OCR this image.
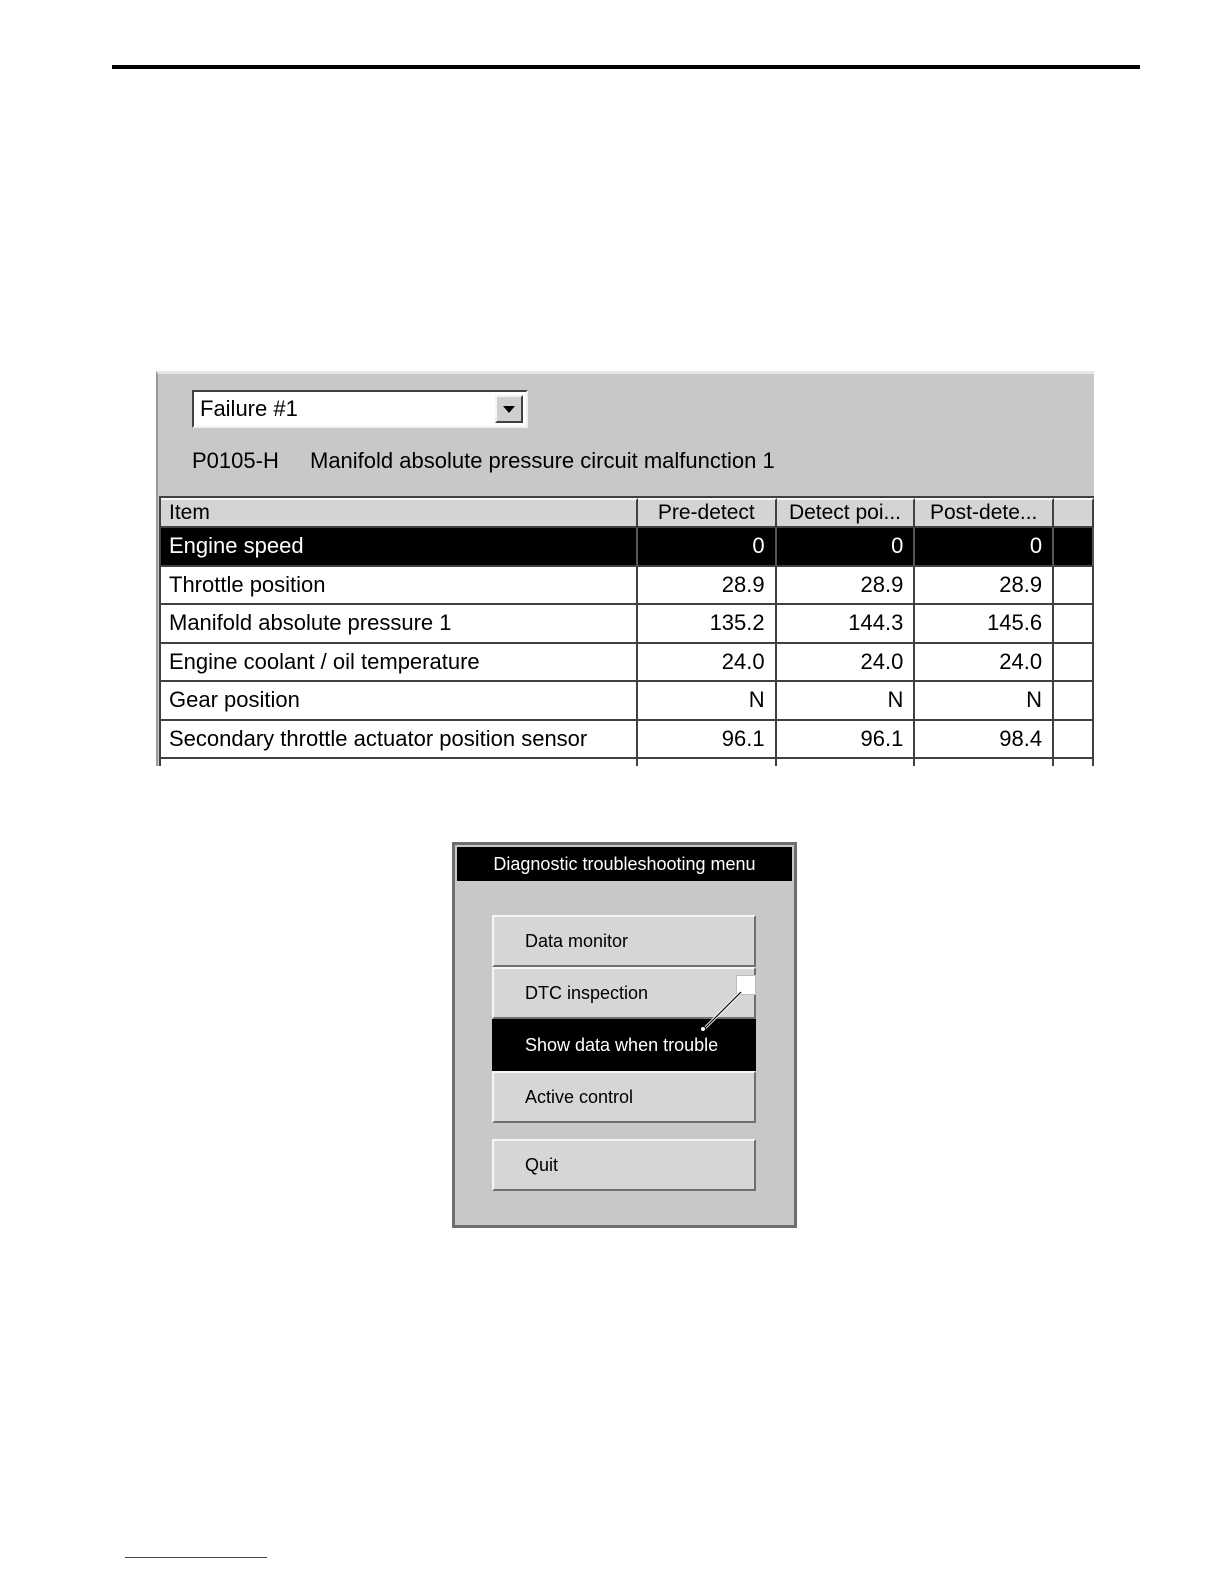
Failure #1
P0105-H Manifold absolute pressure circuit malfunction 1
Item	Pre-detect	Detect poi...	Post-dete...
Engine speed	0	0	0
Throttle position	28.9	28.9	28.9
Manifold absolute pressure 1	135.2	144.3	145.6
Engine coolant / oil temperature	24.0	24.0	24.0
Gear position	N	N	N
Secondary throttle actuator position sensor	96.1	96.1	98.4
Diagnostic troubleshooting menu
Data monitor
DTC inspection
Show data when trouble
Active control
Quit
